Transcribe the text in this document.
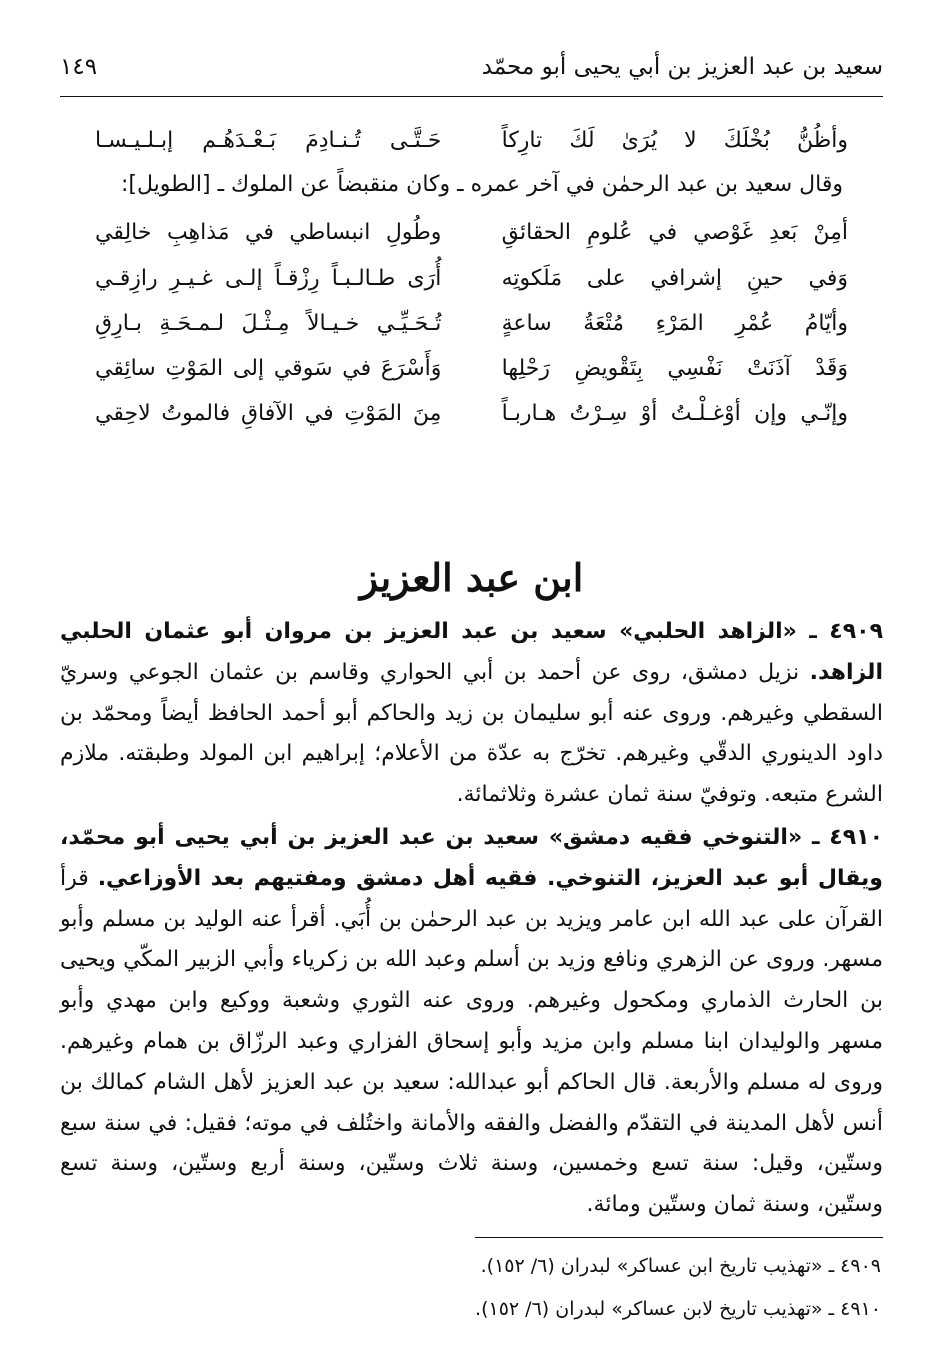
سعيد بن عبد العزيز بن أبي يحيى أبو محمّد
١٤٩
وأظُنُّ بُخْلَكَ لا يُرَىٰ لَكَ تارِكاً
حَـتَّـى تُـنـادِمَ بَـعْـدَهُـم إبـلـيـسـا
وقال سعيد بن عبد الرحمٰن في آخر عمره ـ وكان منقبضاً عن الملوك ـ [الطويل]:
أمِنْ بَعدِ غَوْصي في عُلومِ الحقائقِ
وطُولِ انبساطي في مَذاهِبِ خالِقي
وَفي حينِ إشرافي على مَلَكوتِه
أُرَى طـالـبـاً رِزْقـاً إلـى غـيـرِ رازِقـي
وأيّامُ عُمْرِ المَرْءِ مُتْعَةُ ساعةٍ
تُـحَـيِّـي خـيـالاً مِـثْـلَ لـمـحَـةِ بـارِقِ
وَقَدْ آذَنَتْ نَفْسِي بِتَقْويضِ رَحْلِها
وَأَسْرَعَ في سَوقي إلى المَوْتِ سائِقي
وإنّـي وإن أوْغـلْـتُ أوْ سِـرْتُ هـاربـاً
مِنَ المَوْتِ في الآفاقِ فالموتُ لاحِقي
ابن عبد العزيز

٤٩٠٩ ـ «الزاهد الحلبي» سعيد بن عبد العزيز بن مروان أبو عثمان الحلبي الزاهد. نزيل دمشق، روى عن أحمد بن أبي الحواري وقاسم بن عثمان الجوعي وسريّ السقطي وغيرهم. وروى عنه أبو سليمان بن زيد والحاكم أبو أحمد الحافظ أيضاً ومحمّد بن داود الدينوري الدقّي وغيرهم. تخرّج به عدّة من الأعلام؛ إبراهيم ابن المولد وطبقته. ملازم الشرع متبعه. وتوفيّ سنة ثمان عشرة وثلاثمائة.

٤٩١٠ ـ «التنوخي فقيه دمشق» سعيد بن عبد العزيز بن أبي يحيى أبو محمّد، ويقال أبو عبد العزيز، التنوخي. فقيه أهل دمشق ومفتيهم بعد الأوزاعي. قرأ القرآن على عبد الله ابن عامر ويزيد بن عبد الرحمٰن بن أُبَي. أقرأ عنه الوليد بن مسلم وأبو مسهر. وروى عن الزهري ونافع وزيد بن أسلم وعبد الله بن زكرياء وأبي الزبير المكّي ويحيى بن الحارث الذماري ومكحول وغيرهم. وروى عنه الثوري وشعبة ووكيع وابن مهدي وأبو مسهر والوليدان ابنا مسلم وابن مزيد وأبو إسحاق الفزاري وعبد الرزّاق بن همام وغيرهم. وروى له مسلم والأربعة. قال الحاكم أبو عبدالله: سعيد بن عبد العزيز لأهل الشام كمالك بن أنس لأهل المدينة في التقدّم والفضل والفقه والأمانة واختُلف في موته؛ فقيل: في سنة سبع وستّين، وقيل: سنة تسع وخمسين، وسنة ثلاث وستّين، وسنة أربع وستّين، وسنة تسع وستّين، وسنة ثمان وستّين ومائة.

٤٩٠٩ ـ «تهذيب تاريخ ابن عساكر» لبدران (٦/ ١٥٢).
٤٩١٠ ـ «تهذيب تاريخ لابن عساكر» لبدران (٦/ ١٥٢).
